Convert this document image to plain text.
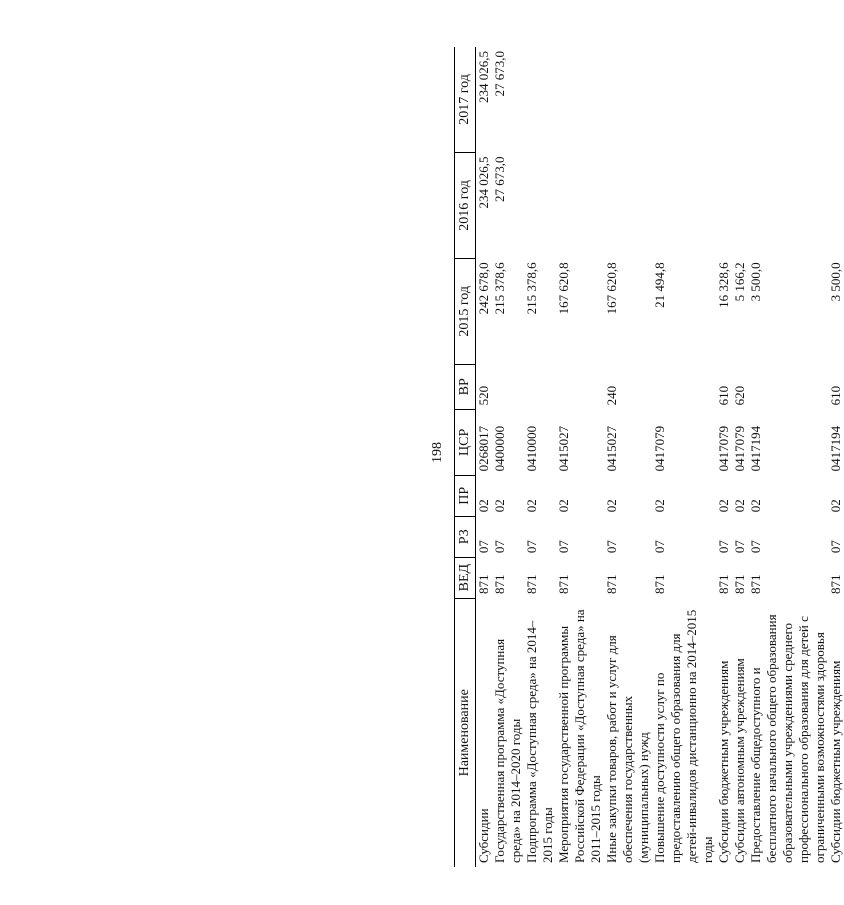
198
Наименование	ВЕД	РЗ	ПР	ЦСР	ВР	2015 год	2016 год	2017 год
Субсидии	871	07	02	0268017	520	242 678,0	234 026,5	234 026,5
Государственная программа «Доступная среда» на 2014–2020 годы	871	07	02	0400000		215 378,6	27 673,0	27 673,0
Подпрограмма «Доступная среда» на 2014–2015 годы	871	07	02	0410000		215 378,6		
Мероприятия государственной программы Российской Федерации «Доступная среда» на 2011–2015 годы	871	07	02	0415027		167 620,8		
Иные закупки товаров, работ и услуг для обеспечения государственных (муниципальных) нужд	871	07	02	0415027	240	167 620,8		
Повышение доступности услуг по предоставлению общего образования для детей-инвалидов дистанционно на 2014–2015 годы	871	07	02	0417079		21 494,8		
Субсидии бюджетным учреждениям	871	07	02	0417079	610	16 328,6		
Субсидии автономным учреждениям	871	07	02	0417079	620	5 166,2		
Предоставление общедоступного и бесплатного начального общего образования образовательными учреждениями среднего профессионального образования для детей с ограниченными возможностями здоровья	871	07	02	0417194		3 500,0		
Субсидии бюджетным учреждениям	871	07	02	0417194	610	3 500,0		
